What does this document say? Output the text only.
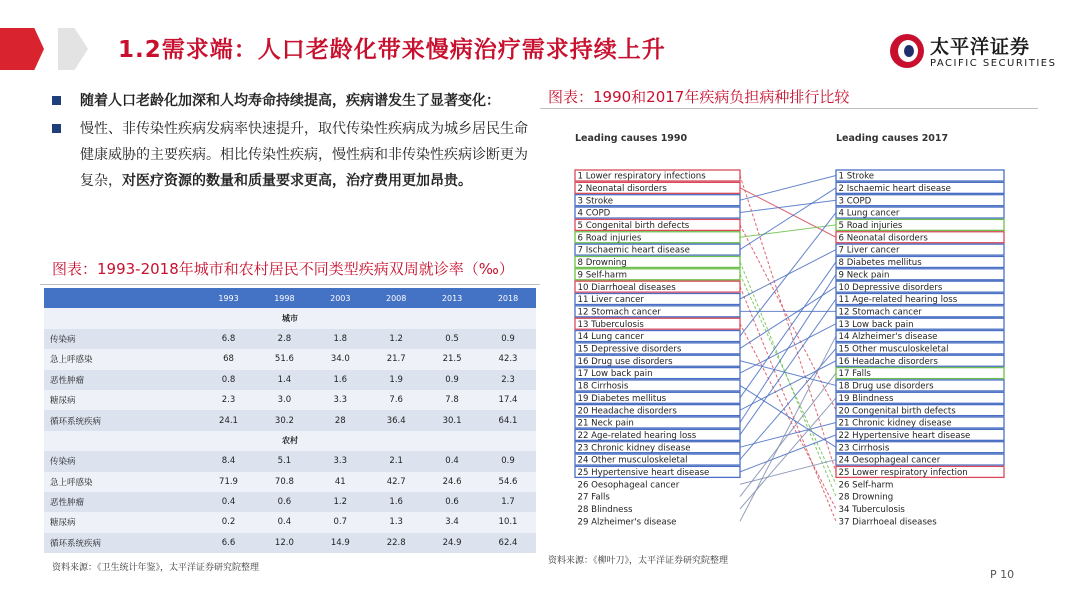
1.2需求端：人口老龄化带来慢病治疗需求持续上升	太平洋证券
PACIFIC SECURITIES
随着人口老龄化加深和人均寿命持续提高，疾病谱发生了显著变化：
慢性、非传染性疾病发病率快速提升，取代传染性疾病成为城乡居民生命健康威胁的主要疾病。相比传染性疾病，慢性病和非传染性疾病诊断更为复杂，对医疗资源的数量和质量要求更高，治疗费用更加昂贵。
图表：1993-2018年城市和农村居民不同类型疾病双周就诊率（‰）
	1993	1998	2003	2008	2013	2018
城市						
传染病	6.8	2.8	1.8	1.2	0.5	0.9
急上呼感染	68	51.6	34.0	21.7	21.5	42.3
恶性肿瘤	0.8	1.4	1.6	1.9	0.9	2.3
糖尿病	2.3	3.0	3.3	7.6	7.8	17.4
循环系统疾病	24.1	30.2	28	36.4	30.1	64.1
农村						
传染病	8.4	5.1	3.3	2.1	0.4	0.9
急上呼感染	71.9	70.8	41	42.7	24.6	54.6
恶性肿瘤	0.4	0.6	1.2	1.6	0.6	1.7
糖尿病	0.2	0.4	0.7	1.3	3.4	10.1
循环系统疾病	6.6	12.0	14.9	22.8	24.9	62.4
资料来源：《卫生统计年鉴》，太平洋证券研究院整理
图表：1990和2017年疾病负担病种排行比较
Leading causes 1990	Leading causes 2017
1 Lower respiratory infections
2 Neonatal disorders
3 Stroke
4 COPD
5 Congenital birth defects
6 Road injuries
7 Ischaemic heart disease
8 Drowning
9 Self-harm
10 Diarrhoeal diseases
11 Liver cancer
12 Stomach cancer
13 Tuberculosis
14 Lung cancer
15 Depressive disorders
16 Drug use disorders
17 Low back pain
18 Cirrhosis
19 Diabetes mellitus
20 Headache disorders
21 Neck pain
22 Age-related hearing loss
23 Chronic kidney disease
24 Other musculoskeletal
25 Hypertensive heart disease
26 Oesophageal cancer
27 Falls
28 Blindness
29 Alzheimer's disease
1 Stroke
2 Ischaemic heart disease
3 COPD
4 Lung cancer
5 Road injuries
6 Neonatal disorders
7 Liver cancer
8 Diabetes mellitus
9 Neck pain
10 Depressive disorders
11 Age-related hearing loss
12 Stomach cancer
13 Low back pain
14 Alzheimer's disease
15 Other musculoskeletal
16 Headache disorders
17 Falls
18 Drug use disorders
19 Blindness
20 Congenital birth defects
21 Chronic kidney disease
22 Hypertensive heart disease
23 Cirrhosis
24 Oesophageal cancer
25 Lower respiratory infection
26 Self-harm
28 Drowning
34 Tuberculosis
37 Diarrhoeal diseases
资料来源：《柳叶刀》，太平洋证券研究院整理
P 10
